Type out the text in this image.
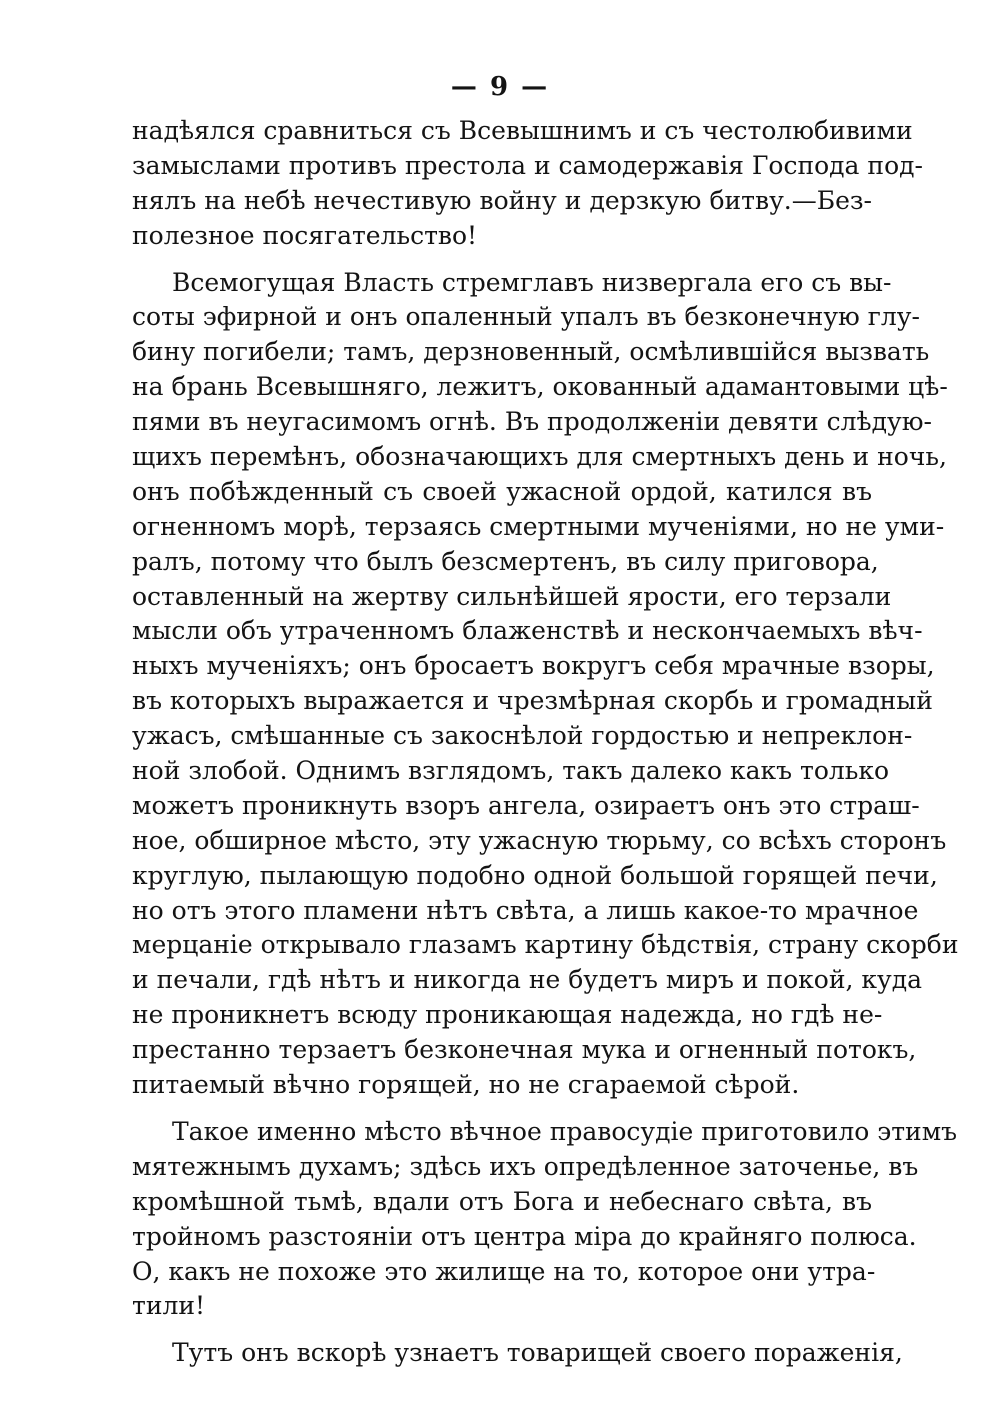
— 9 —
надѣялся сравниться съ Всевышнимъ и съ честолюбивими
замыслами противъ престола и самодержавія Господа под-
нялъ на небѣ нечестивую войну и дерзкую битву.—Без-
полезное посягательство!
Всемогущая Власть стремглавъ низвергала его съ вы-
соты эфирной и онъ опаленный упалъ въ безконечную глу-
бину погибели; тамъ, дерзновенный, осмѣлившійся вызвать
на брань Всевышняго, лежитъ, окованный адамантовыми цѣ-
пями въ неугасимомъ огнѣ. Въ продолженіи девяти слѣдую-
щихъ перемѣнъ, обозначающихъ для смертныхъ день и ночь,
онъ побѣжденный съ своей ужасной ордой, катился въ
огненномъ морѣ, терзаясь смертными мученіями, но не уми-
ралъ, потому что былъ безсмертенъ, въ силу приговора,
оставленный на жертву сильнѣйшей ярости, его терзали
мысли объ утраченномъ блаженствѣ и нескончаемыхъ вѣч-
ныхъ мученіяхъ; онъ бросаетъ вокругъ себя мрачные взоры,
въ которыхъ выражается и чрезмѣрная скорбь и громадный
ужасъ, смѣшанные съ закоснѣлой гордостью и непреклон-
ной злобой. Однимъ взглядомъ, такъ далеко какъ только
можетъ проникнуть взоръ ангела, озираетъ онъ это страш-
ное, обширное мѣсто, эту ужасную тюрьму, со всѣхъ сторонъ
круглую, пылающую подобно одной большой горящей печи,
но отъ этого пламени нѣтъ свѣта, а лишь какое-то мрачное
мерцаніе открывало глазамъ картину бѣдствія, страну скорби
и печали, гдѣ нѣтъ и никогда не будетъ миръ и покой, куда
не проникнетъ всюду проникающая надежда, но гдѣ не-
престанно терзаетъ безконечная мука и огненный потокъ,
питаемый вѣчно горящей, но не сгараемой сѣрой.
Такое именно мѣсто вѣчное правосудіе приготовило этимъ
мятежнымъ духамъ; здѣсь ихъ опредѣленное заточенье, въ
кромѣшной тьмѣ, вдали отъ Бога и небеснаго свѣта, въ
тройномъ разстояніи отъ центра міра до крайняго полюса.
О, какъ не похоже это жилище на то, которое они утра-
тили!
Тутъ онъ вскорѣ узнаетъ товарищей своего пораженія,
